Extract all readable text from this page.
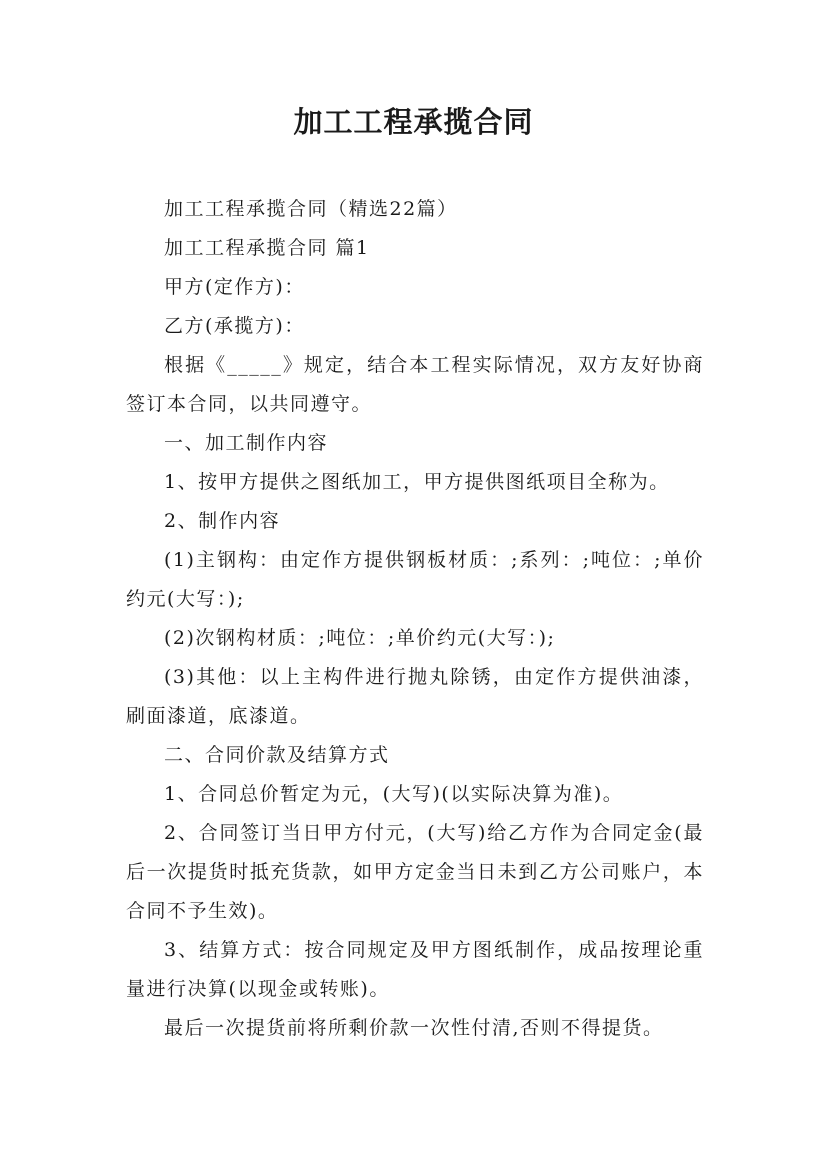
加工工程承揽合同

加工工程承揽合同（精选22篇）

加工工程承揽合同 篇1

甲方(定作方)：

乙方(承揽方)：

根据《_____》规定，结合本工程实际情况，双方友好协商签订本合同，以共同遵守。

一、加工制作内容

1、按甲方提供之图纸加工，甲方提供图纸项目全称为。

2、制作内容

(1)主钢构：由定作方提供钢板材质：;系列：;吨位：;单价约元(大写：);

(2)次钢构材质：;吨位：;单价约元(大写：);

(3)其他：以上主构件进行抛丸除锈，由定作方提供油漆，刷面漆道，底漆道。

二、合同价款及结算方式

1、合同总价暂定为元，(大写)(以实际决算为准)。

2、合同签订当日甲方付元，(大写)给乙方作为合同定金(最后一次提货时抵充货款，如甲方定金当日未到乙方公司账户，本合同不予生效)。

3、结算方式：按合同规定及甲方图纸制作，成品按理论重量进行决算(以现金或转账)。

最后一次提货前将所剩价款一次性付清,否则不得提货。
